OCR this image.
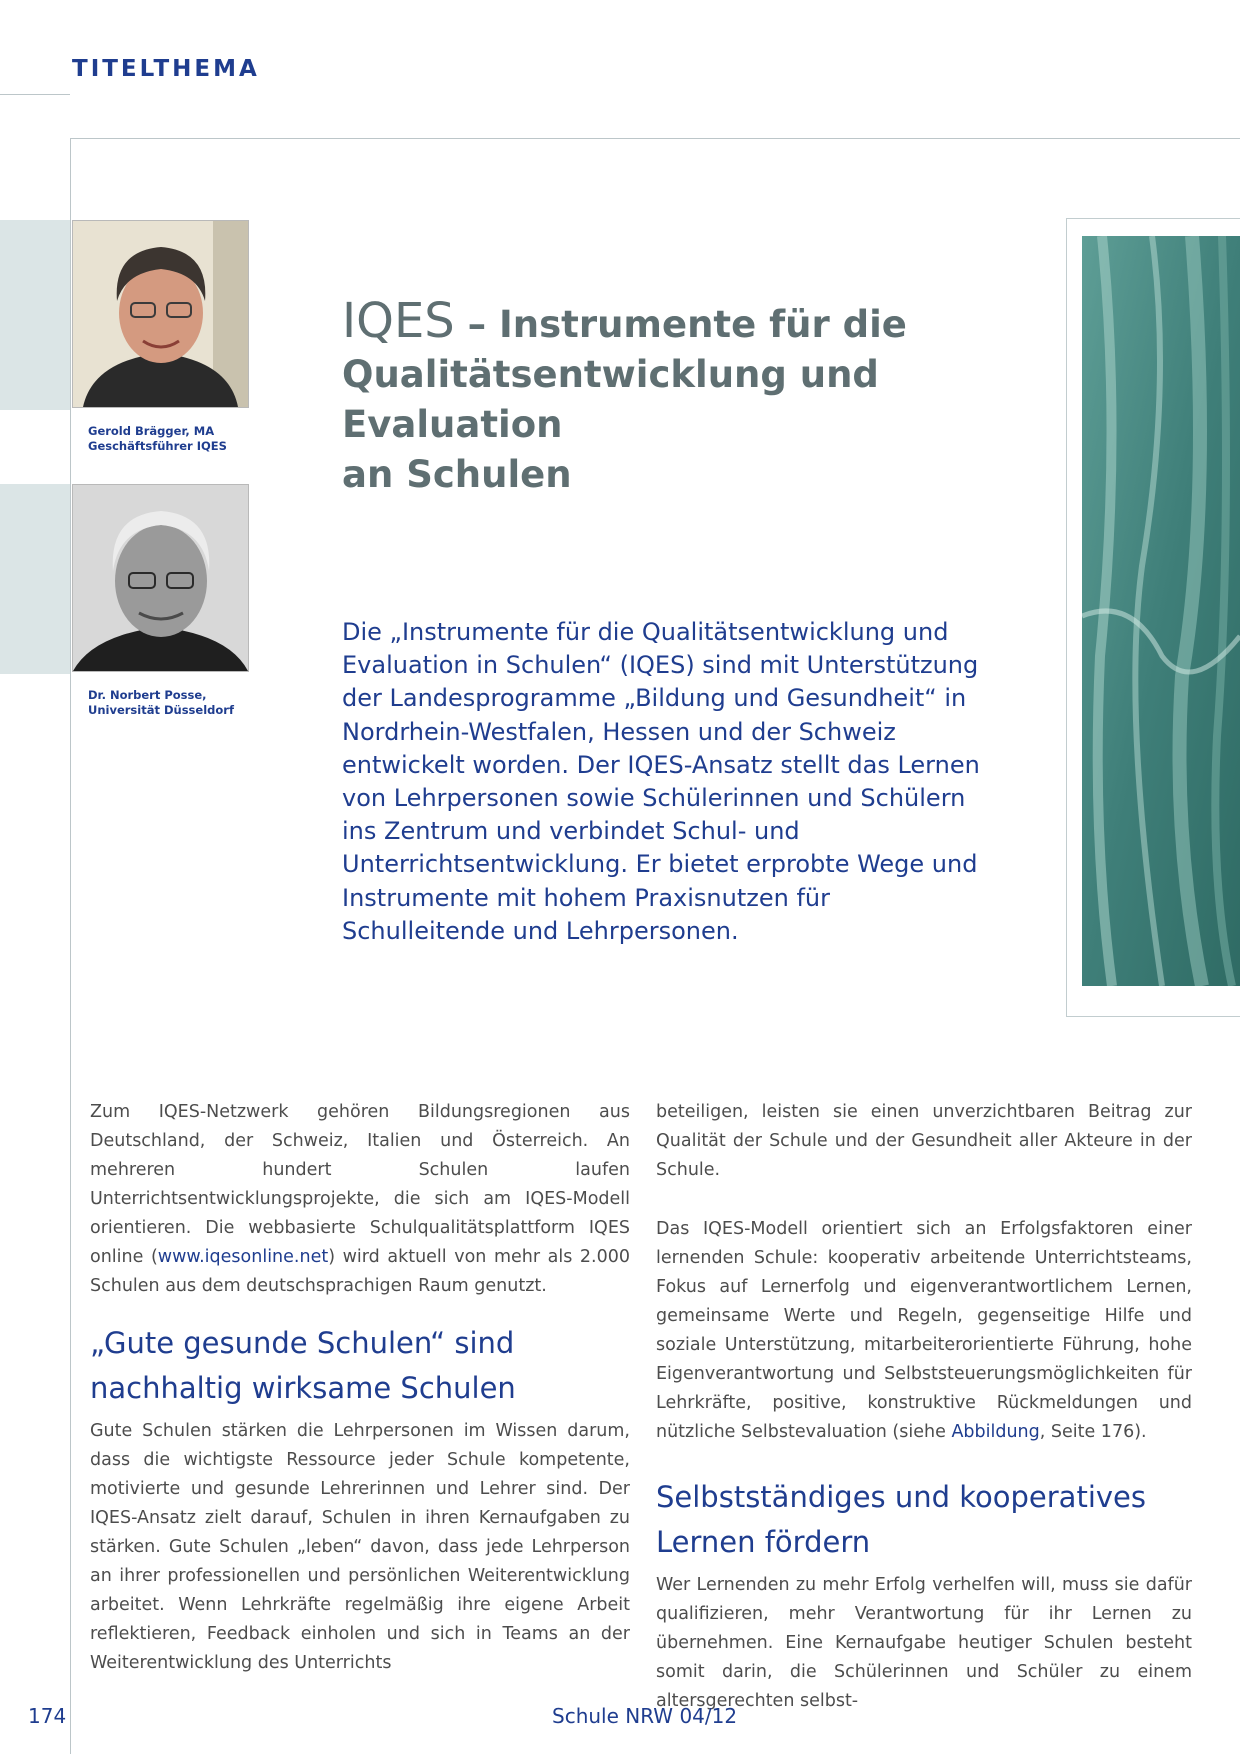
TITELTHEMA
Gerold Brägger, MA
Geschäftsführer IQES
Dr. Norbert Posse,
Universität Düsseldorf
IQES – Instrumente für die
Qualitätsentwicklung und Evaluation
an Schulen
Die „Instrumente für die Qualitätsentwicklung und Evaluation in Schulen“ (IQES) sind mit Unterstützung der Landesprogramme „Bildung und Gesundheit“ in Nordrhein-Westfalen, Hessen und der Schweiz entwickelt worden. Der IQES-Ansatz stellt das Lernen von Lehrpersonen sowie Schülerinnen und Schülern ins Zentrum und verbindet Schul- und Unterrichtsentwicklung. Er bietet erprobte Wege und Instrumente mit hohem Praxisnutzen für Schulleitende und Lehrpersonen.

Zum IQES-Netzwerk gehören Bildungsregionen aus Deutschland, der Schweiz, Italien und Österreich. An mehreren hundert Schulen laufen Unterrichtsentwicklungsprojekte, die sich am IQES-Modell orientieren. Die webbasierte Schulqualitätsplattform IQES online (www.iqesonline.net) wird aktuell von mehr als 2.000 Schulen aus dem deutschsprachigen Raum genutzt.

„Gute gesunde Schulen“ sind nachhaltig wirksame Schulen

Gute Schulen stärken die Lehrpersonen im Wissen darum, dass die wichtigste Ressource jeder Schule kompetente, motivierte und gesunde Lehrerinnen und Lehrer sind. Der IQES-Ansatz zielt darauf, Schulen in ihren Kernaufgaben zu stärken. Gute Schulen „leben“ davon, dass jede Lehrperson an ihrer professionellen und persönlichen Weiterentwicklung arbeitet. Wenn Lehrkräfte regelmäßig ihre eigene Arbeit reflektieren, Feedback einholen und sich in Teams an der Weiterentwicklung des Unterrichts

beteiligen, leisten sie einen unverzichtbaren Beitrag zur Qualität der Schule und der Gesundheit aller Akteure in der Schule.

Das IQES-Modell orientiert sich an Erfolgsfaktoren einer lernenden Schule: kooperativ arbeitende Unterrichtsteams, Fokus auf Lernerfolg und eigenverantwortlichem Lernen, gemeinsame Werte und Regeln, gegenseitige Hilfe und soziale Unterstützung, mitarbeiterorientierte Führung, hohe Eigenverantwortung und Selbststeuerungsmöglichkeiten für Lehrkräfte, positive, konstruktive Rückmeldungen und nützliche Selbstevaluation (siehe Abbildung, Seite 176).

Selbstständiges und kooperatives Lernen fördern

Wer Lernenden zu mehr Erfolg verhelfen will, muss sie dafür qualifizieren, mehr Verantwortung für ihr Lernen zu übernehmen. Eine Kernaufgabe heutiger Schulen besteht somit darin, die Schülerinnen und Schüler zu einem altersgerechten selbst-

174	Schule NRW 04/12
